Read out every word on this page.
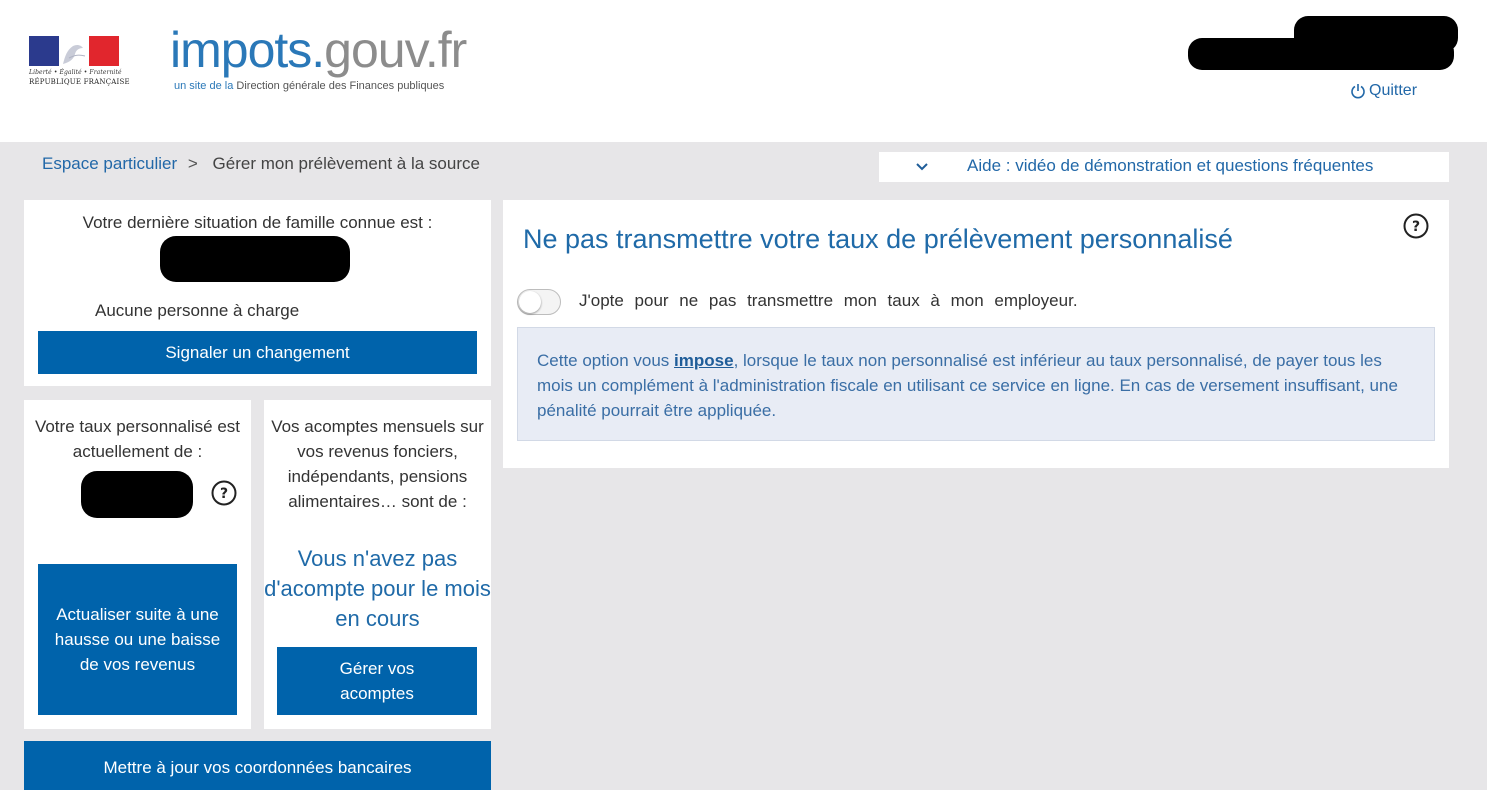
Liberté • Égalité • Fraternité
RÉPUBLIQUE FRANÇAISE
impots.gouv.fr
un site de la Direction générale des Finances publiques	Quitter
Espace particulier > Gérer mon prélèvement à la source	Aide : vidéo de démonstration et questions fréquentes
Votre dernière situation de famille connue est :
Aucune personne à charge
Signaler un changement
Votre taux personnalisé est actuellement de :
?
Actualiser suite à une hausse ou une baisse de vos revenus
Vos acomptes mensuels sur vos revenus fonciers, indépendants, pensions alimentaires… sont de :
Vous n'avez pas d'acompte pour le mois en cours
Gérer vos acomptes
Mettre à jour vos coordonnées bancaires
Ne pas transmettre votre taux de prélèvement personnalisé	?
J'opte pour ne pas transmettre mon taux à mon employeur.
Cette option vous impose, lorsque le taux non personnalisé est inférieur au taux personnalisé, de payer tous les mois un complément à l'administration fiscale en utilisant ce service en ligne. En cas de versement insuffisant, une pénalité pourrait être appliquée.
